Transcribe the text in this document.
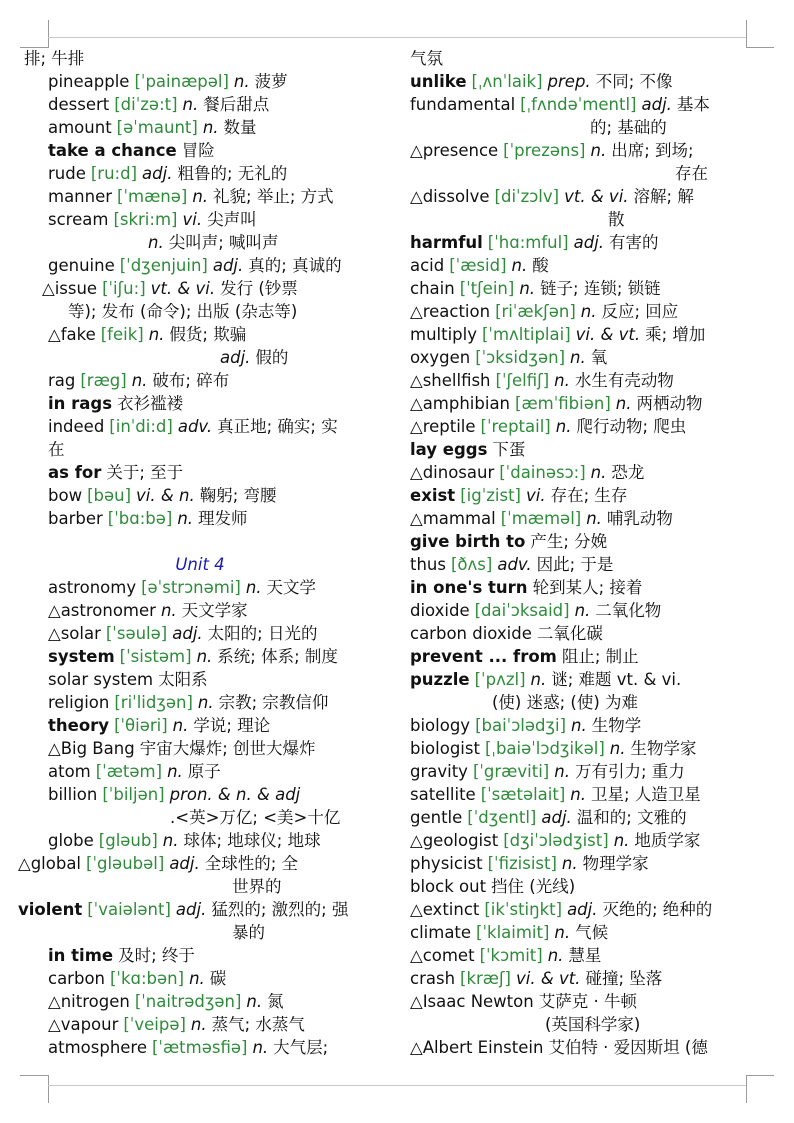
排; 牛排
pineapple [ˈpainæpəl] n. 菠萝
dessert [diˈzə:t] n. 餐后甜点
amount [əˈmaunt] n. 数量
take a chance 冒险
rude [ru:d] adj. 粗鲁的; 无礼的
manner [ˈmænə] n. 礼貌; 举止; 方式
scream [skri:m] vi. 尖声叫
n. 尖叫声; 喊叫声
genuine [ˈdʒenjuin] adj. 真的; 真诚的
△issue [ˈiʃu:] vt. & vi. 发行 (钞票
等); 发布 (命令); 出版 (杂志等)
△fake [feik] n. 假货; 欺骗
adj. 假的
rag [ræg] n. 破布; 碎布
in rags 衣衫褴褛
indeed [inˈdi:d] adv. 真正地; 确实; 实
在
as for 关于; 至于
bow [bəu] vi. & n. 鞠躬; 弯腰
barber [ˈbɑ:bə] n. 理发师
Unit 4
astronomy [əˈstrɔnəmi] n. 天文学
△astronomer n. 天文学家
△solar [ˈsəulə] adj. 太阳的; 日光的
system [ˈsistəm] n. 系统; 体系; 制度
solar system 太阳系
religion [riˈlidʒən] n. 宗教; 宗教信仰
theory [ˈθiəri] n. 学说; 理论
△Big Bang 宇宙大爆炸; 创世大爆炸
atom [ˈætəm] n. 原子
billion [ˈbiljən] pron. & n. & adj
.<英>万亿; <美>十亿
globe [gləub] n. 球体; 地球仪; 地球
△global [ˈgləubəl] adj. 全球性的; 全
世界的
violent [ˈvaiələnt] adj. 猛烈的; 激烈的; 强
暴的
in time 及时; 终于
carbon [ˈkɑ:bən] n. 碳
△nitrogen [ˈnaitrədʒən] n. 氮
△vapour [ˈveipə] n. 蒸气; 水蒸气
atmosphere [ˈætməsfiə] n. 大气层;
气氛
unlike [ˌʌnˈlaik] prep. 不同; 不像
fundamental [ˌfʌndəˈmentl] adj. 基本
的; 基础的
△presence [ˈprezəns] n. 出席; 到场;
存在
△dissolve [diˈzɔlv] vt. & vi. 溶解; 解
散
harmful [ˈhɑ:mful] adj. 有害的
acid [ˈæsid] n. 酸
chain [ˈtʃein] n. 链子; 连锁; 锁链
△reaction [riˈækʃən] n. 反应; 回应
multiply [ˈmʌltiplai] vi. & vt. 乘; 增加
oxygen [ˈɔksidʒən] n. 氧
△shellfish [ˈʃelfiʃ] n. 水生有壳动物
△amphibian [æmˈfibiən] n. 两栖动物
△reptile [ˈreptail] n. 爬行动物; 爬虫
lay eggs 下蛋
△dinosaur [ˈdainəsɔ:] n. 恐龙
exist [igˈzist] vi. 存在; 生存
△mammal [ˈmæməl] n. 哺乳动物
give birth to 产生; 分娩
thus [ðʌs] adv. 因此; 于是
in one's turn 轮到某人; 接着
dioxide [daiˈɔksaid] n. 二氧化物
carbon dioxide 二氧化碳
prevent ... from 阻止; 制止
puzzle [ˈpʌzl] n. 谜; 难题 vt. & vi.
(使) 迷惑; (使) 为难
biology [baiˈɔlədʒi] n. 生物学
biologist [ˌbaiəˈlɔdʒikəl] n. 生物学家
gravity [ˈgræviti] n. 万有引力; 重力
satellite [ˈsætəlait] n. 卫星; 人造卫星
gentle [ˈdʒentl] adj. 温和的; 文雅的
△geologist [dʒiˈɔlədʒist] n. 地质学家
physicist [ˈfizisist] n. 物理学家
block out 挡住 (光线)
△extinct [ikˈstiŋkt] adj. 灭绝的; 绝种的
climate [ˈklaimit] n. 气候
△comet [ˈkɔmit] n. 慧星
crash [kræʃ] vi. & vt. 碰撞; 坠落
△Isaac Newton 艾萨克 · 牛顿
(英国科学家)
△Albert Einstein 艾伯特 · 爱因斯坦 (德
